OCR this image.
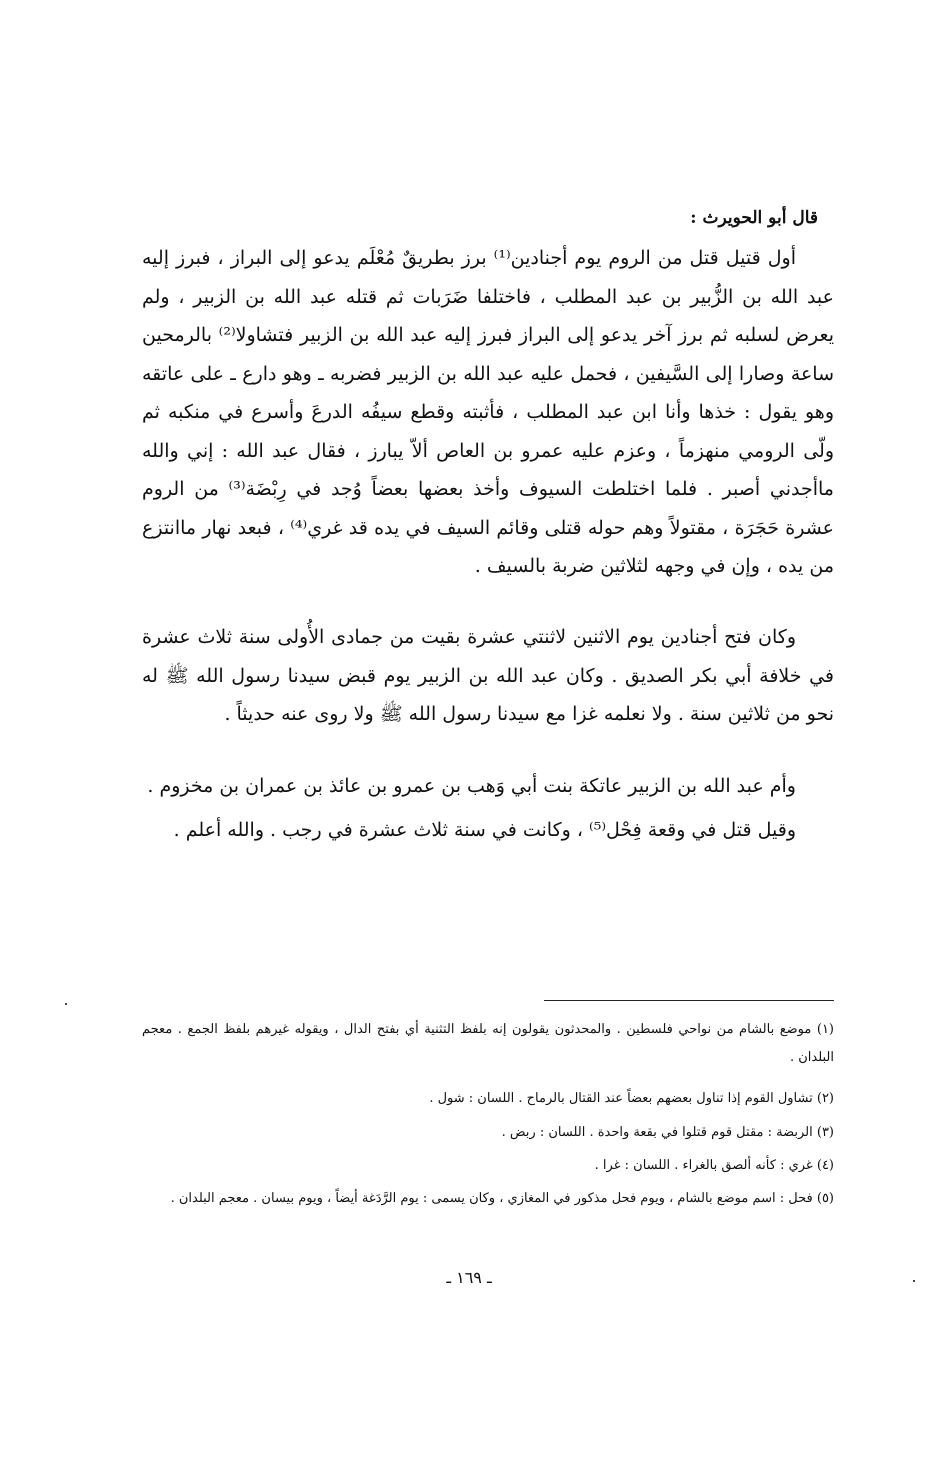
قال أبو الحويرث :

أول قتيل قتل من الروم يوم أجنادين⁽¹⁾ برز بطريقٌ مُعْلَم يدعو إلى البراز ، فبرز إليه عبد الله بن الزُّبير بن عبد المطلب ، فاختلفا ضَرَبات ثم قتله عبد الله بن الزبير ، ولم يعرض لسلبه ثم برز آخر يدعو إلى البراز فبرز إليه عبد الله بن الزبير فتشاولا⁽²⁾ بالرمحين ساعة وصارا إلى السَّيفين ، فحمل عليه عبد الله بن الزبير فضربه ـ وهو دارع ـ على عاتقه وهو يقول : خذها وأنا ابن عبد المطلب ، فأثبته وقطع سيفُه الدرعَ وأسرع في منكبه ثم ولّى الرومي منهزماً ، وعزم عليه عمرو بن العاص ألاّ يبارز ، فقال عبد الله : إني والله ماأجدني أصبر . فلما اختلطت السيوف وأخذ بعضها بعضاً وُجد في رِبْضَة⁽³⁾ من الروم عشرة حَجَرَة ، مقتولاً وهم حوله قتلى وقائم السيف في يده قد غري⁽⁴⁾ ، فبعد نهار ماانتزع من يده ، وإن في وجهه لثلاثين ضربة بالسيف .

وكان فتح أجنادين يوم الاثنين لاثنتي عشرة بقيت من جمادى الأُولى سنة ثلاث عشرة في خلافة أبي بكر الصديق . وكان عبد الله بن الزبير يوم قبض سيدنا رسول الله ﷺ له نحو من ثلاثين سنة . ولا نعلمه غزا مع سيدنا رسول الله ﷺ ولا روى عنه حديثاً .

وأم عبد الله بن الزبير عاتكة بنت أبي وَهب بن عمرو بن عائذ بن عمران بن مخزوم .

وقيل قتل في وقعة فِحْل⁽⁵⁾ ، وكانت في سنة ثلاث عشرة في رجب . والله أعلم .

(١) موضع بالشام من نواحي فلسطين . والمحدثون يقولون إنه بلفظ التثنية أي بفتح الدال ، ويقوله غيرهم بلفظ الجمع . معجم البلدان .

(٢) تشاول القوم إذا تناول بعضهم بعضاً عند القتال بالرماح . اللسان : شول .

(٣) الربضة : مقتل قوم قتلوا في بقعة واحدة . اللسان : ربض .

(٤) غري : كأنه ألصق بالغراء . اللسان : غرا .

(٥) فحل : اسم موضع بالشام ، ويوم فحل مذكور في المغازي ، وكان يسمى : يوم الرَّدَغة أيضاً ، ويوم بيسان . معجم البلدان .

ـ ١٦٩ ـ
